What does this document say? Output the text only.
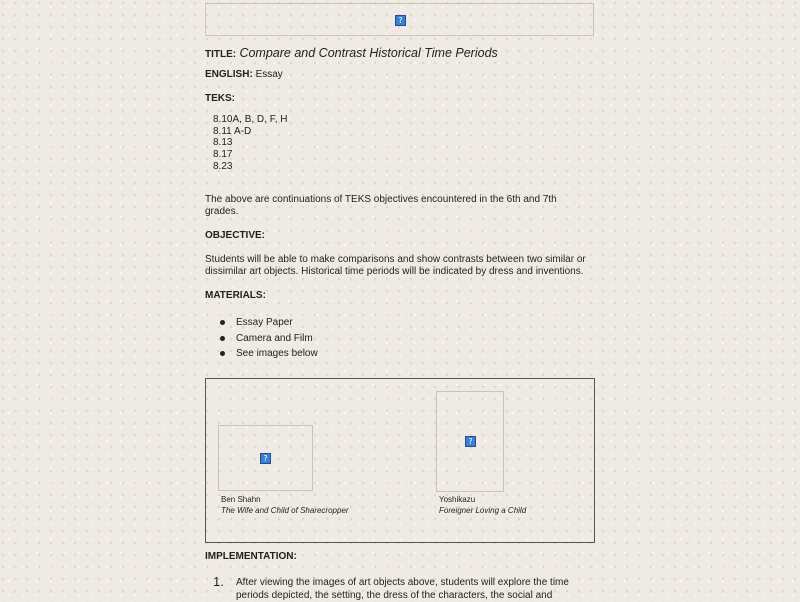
?
TITLE: Compare and Contrast Historical Time Periods
ENGLISH: Essay
TEKS:
8.10A, B, D, F, H
8.11 A-D
8.13
8.17
8.23
The above are continuations of TEKS objectives encountered in the 6th and 7th grades.
OBJECTIVE:
Students will be able to make comparisons and show contrasts between two similar or dissimilar art objects. Historical time periods will be indicated by dress and inventions.
MATERIALS:
Essay Paper
Camera and Film
See images below
?
Ben Shahn
The Wife and Child of Sharecropper
?
Yoshikazu
Foreigner Loving a Child
IMPLEMENTATION:
1. After viewing the images of art objects above, students will explore the time periods depicted, the setting, the dress of the characters, the social and
